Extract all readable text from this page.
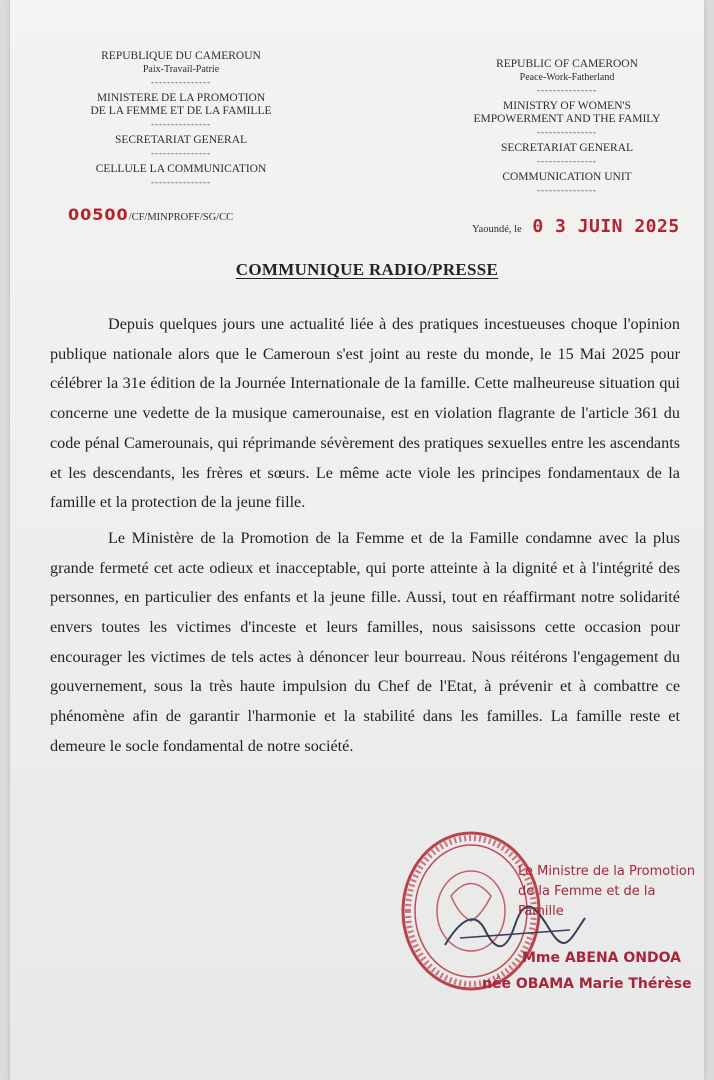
REPUBLIQUE DU CAMEROUN
Paix-Travail-Patrie
---------------
MINISTERE DE LA PROMOTION
DE LA FEMME ET DE LA FAMILLE
---------------
SECRETARIAT GENERAL
---------------
CELLULE LA COMMUNICATION
---------------
REPUBLIC OF CAMEROON
Peace-Work-Fatherland
---------------
MINISTRY OF WOMEN'S
EMPOWERMENT AND THE FAMILY
---------------
SECRETARIAT GENERAL
---------------
COMMUNICATION UNIT
---------------
00500/CF/MINPROFF/SG/CC
Yaoundé, le 0 3 JUIN 2025
COMMUNIQUE RADIO/PRESSE

Depuis quelques jours une actualité liée à des pratiques incestueuses choque l'opinion publique nationale alors que le Cameroun s'est joint au reste du monde, le 15 Mai 2025 pour célébrer la 31e édition de la Journée Internationale de la famille. Cette malheureuse situation qui concerne une vedette de la musique camerounaise, est en violation flagrante de l'article 361 du code pénal Camerounais, qui réprimande sévèrement des pratiques sexuelles entre les ascendants et les descendants, les frères et sœurs. Le même acte viole les principes fondamentaux de la famille et la protection de la jeune fille.

Le Ministère de la Promotion de la Femme et de la Famille condamne avec la plus grande fermeté cet acte odieux et inacceptable, qui porte atteinte à la dignité et à l'intégrité des personnes, en particulier des enfants et la jeune fille. Aussi, tout en réaffirmant notre solidarité envers toutes les victimes d'inceste et leurs familles, nous saisissons cette occasion pour encourager les victimes de tels actes à dénoncer leur bourreau. Nous réitérons l'engagement du gouvernement, sous la très haute impulsion du Chef de l'Etat, à prévenir et à combattre ce phénomène afin de garantir l'harmonie et la stabilité dans les familles. La famille reste et demeure le socle fondamental de notre société.

Le Ministre de la Promotion
de la Femme et de la Famille
Mme ABENA ONDOA
née OBAMA Marie Thérèse
